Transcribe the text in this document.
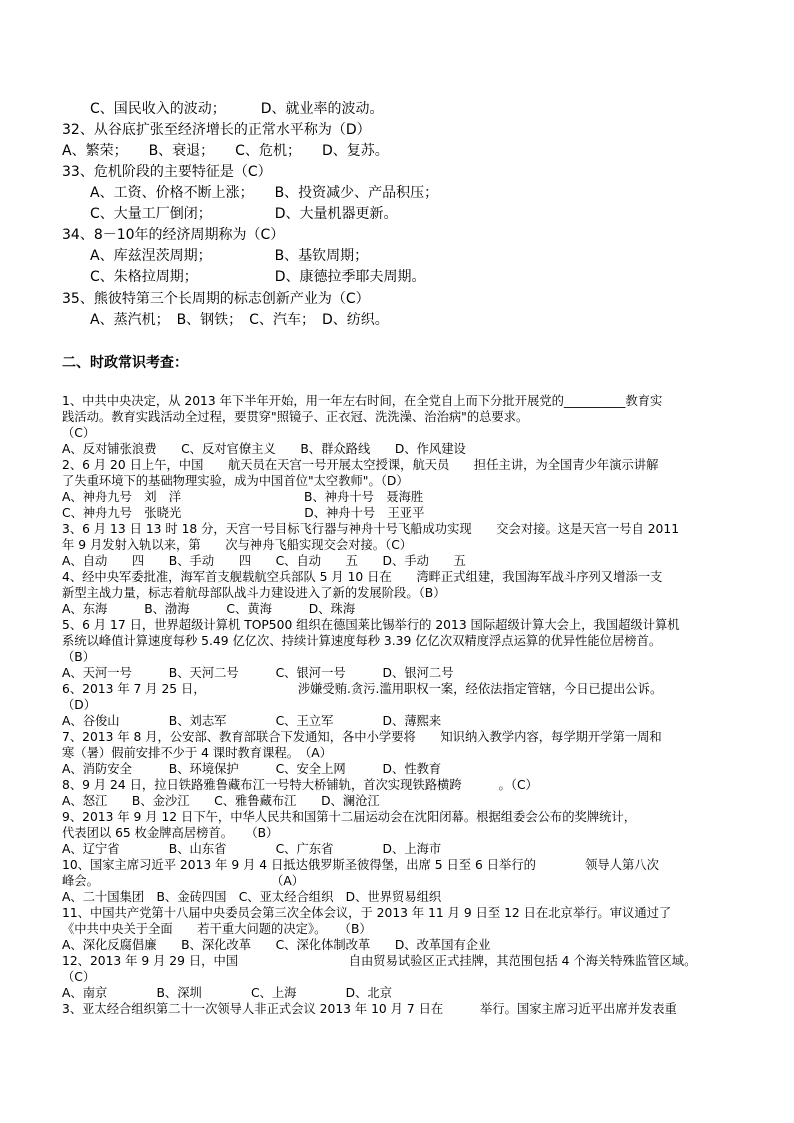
　　C、国民收入的波动；　　　D、就业率的波动。
32、从谷底扩张至经济增长的正常水平称为（D）
A、繁荣；　　B、衰退；　　C、危机；　　D、复苏。
33、危机阶段的主要特征是（C）
　　A、工资、价格不断上涨；　　B、投资减少、产品积压；
　　C、大量工厂倒闭；　　　　　D、大量机器更新。
34、8－10年的经济周期称为（C）
　　A、库兹涅茨周期；　　　　　B、基钦周期；
　　C、朱格拉周期；　　　　　　D、康德拉季耶夫周期。
35、熊彼特第三个长周期的标志创新产业为（C）
　　A、蒸汽机；　B、钢铁；　C、汽车；　D、纺织。
二、时政常识考查：
1、中共中央决定，从 2013 年下半年开始，用一年左右时间，在全党自上而下分批开展党的__________教育实
践活动。教育实践活动全过程，要贯穿"照镜子、正衣冠、洗洗澡、治治病"的总要求。
（C）
A、反对铺张浪费　　C、反对官僚主义　　B、群众路线　　D、作风建设
2、6 月 20 日上午，中国　　航天员在天宫一号开展太空授课，航天员　　担任主讲，为全国青少年演示讲解
了失重环境下的基础物理实验，成为中国首位"太空教师"。（D）
A、神舟九号　刘　洋　　　　　　　　　　B、神舟十号　聂海胜
C、神舟九号　张晓光　　　　　　　　　　D、神舟十号　王亚平
3、6 月 13 日 13 时 18 分，天宫一号目标飞行器与神舟十号飞船成功实现　　交会对接。这是天宫一号自 2011
年 9 月发射入轨以来，第　　次与神舟飞船实现交会对接。（C）
A、自动　　四　　B、手动　　四　　C、自动　　五　　D、手动　　五
4、经中央军委批准，海军首支舰载航空兵部队 5 月 10 日在　　湾畔正式组建，我国海军战斗序列又增添一支
新型主战力量，标志着航母部队战斗力建设进入了新的发展阶段。（B）
A、东海　　　B、渤海　　　C、黄海　　　D、珠海
5、6 月 17 日，世界超级计算机 TOP500 组织在德国莱比锡举行的 2013 国际超级计算大会上，我国超级计算机
系统以峰值计算速度每秒 5.49 亿亿次、持续计算速度每秒 3.39 亿亿次双精度浮点运算的优异性能位居榜首。
（B）
A、天河一号　　　B、天河二号　　　C、银河一号　　　D、银河二号
6、2013 年 7 月 25 日，　　　　　　　　涉嫌受贿.贪污.滥用职权一案，经依法指定管辖，今日已提出公诉。
（D）
A、谷俊山　　　　B、刘志军　　　　C、王立军　　　　D、薄熙来
7、2013 年 8 月，公安部、教育部联合下发通知，各中小学要将　　知识纳入教学内容，每学期开学第一周和
寒（暑）假前安排不少于 4 课时教育课程。　（A）
A、消防安全　　　B、环境保护　　　C、安全上网　　　D、性教育
8、9 月 24 日，拉日铁路雅鲁藏布江一号特大桥铺轨，首次实现铁路横跨　　　。（C）
A、怒江　　B、金沙江　　C、雅鲁藏布江　　D、澜沧江
9、2013 年 9 月 12 日下午，中华人民共和国第十二届运动会在沈阳闭幕。根据组委会公布的奖牌统计，
代表团以 65 枚金牌高居榜首。　　（B）
A、辽宁省　　　　B、山东省　　　　C、广东省　　　　D、上海市
10、国家主席习近平 2013 年 9 月 4 日抵达俄罗斯圣彼得堡，出席 5 日至 6 日举行的　　　　领导人第八次
峰会。　　　　　　　　　　　　　　　（A）
A、二十国集团　B、金砖四国　C、亚太经合组织　D、世界贸易组织
11、中国共产党第十八届中央委员会第三次全体会议，于 2013 年 11 月 9 日至 12 日在北京举行。审议通过了
《中共中央关于全面　　若干重大问题的决定》。　　（B）
A、深化反腐倡廉　　B、深化改革　　C、深化体制改革　　D、改革国有企业
12、2013 年 9 月 29 日，中国　　　　　　　　　自由贸易试验区正式挂牌，其范围包括 4 个海关特殊监管区域。
（C）
A、南京　　　　B、深圳　　　　C、上海　　　　D、北京
3、亚太经合组织第二十一次领导人非正式会议 2013 年 10 月 7 日在　　　举行。国家主席习近平出席并发表重
